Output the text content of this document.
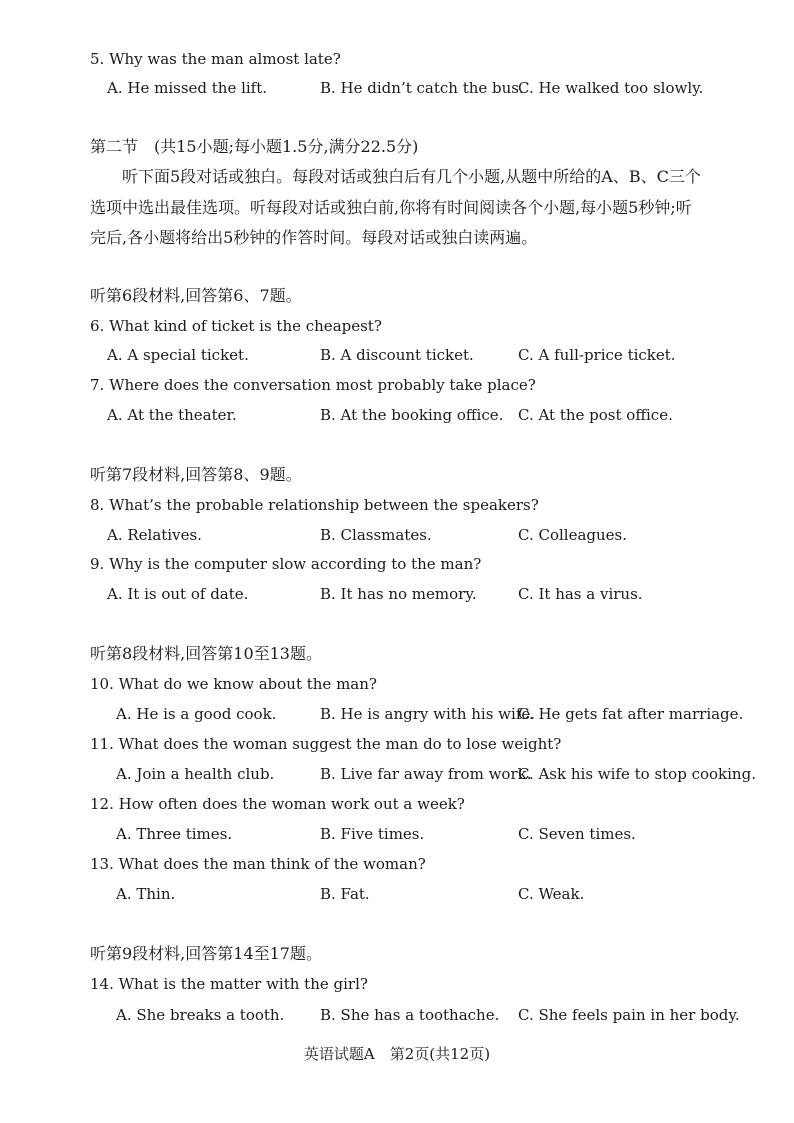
5. Why was the man almost late?
A. He missed the lift.	B. He didn’t catch the bus.
C. He walked too slowly.
第二节　(共15小题;每小题1.5分,满分22.5分)
听下面5段对话或独白。每段对话或独白后有几个小题,从题中所给的A、B、C三个
选项中选出最佳选项。听每段对话或独白前,你将有时间阅读各个小题,每小题5秒钟;听
完后,各小题将给出5秒钟的作答时间。每段对话或独白读两遍。
听第6段材料,回答第6、7题。
6. What kind of ticket is the cheapest?
A. A special ticket.	B. A discount ticket.	C. A full-price ticket.
7. Where does the conversation most probably take place?
A. At the theater.	B. At the booking office. C. At the post office.
听第7段材料,回答第8、9题。
8. What’s the probable relationship between the speakers?
A. Relatives.	B. Classmates.	C. Colleagues.
9. Why is the computer slow according to the man?
A. It is out of date.	B. It has no memory.	C. It has a virus.
听第8段材料,回答第10至13题。
10. What do we know about the man?
A. He is a good cook.	B. He is angry with his wife.
C. He gets fat after marriage.
11. What does the woman suggest the man do to lose weight?
A. Join a health club.	B. Live far away from work.
C. Ask his wife to stop cooking.
12. How often does the woman work out a week?
A. Three times.	B. Five times.	C. Seven times.
13. What does the man think of the woman?
A. Thin.	B. Fat.	C. Weak.
听第9段材料,回答第14至17题。
14. What is the matter with the girl?
A. She breaks a tooth. B. She has a toothache. C. She feels pain in her body.
英语试题A　第2页(共12页)
